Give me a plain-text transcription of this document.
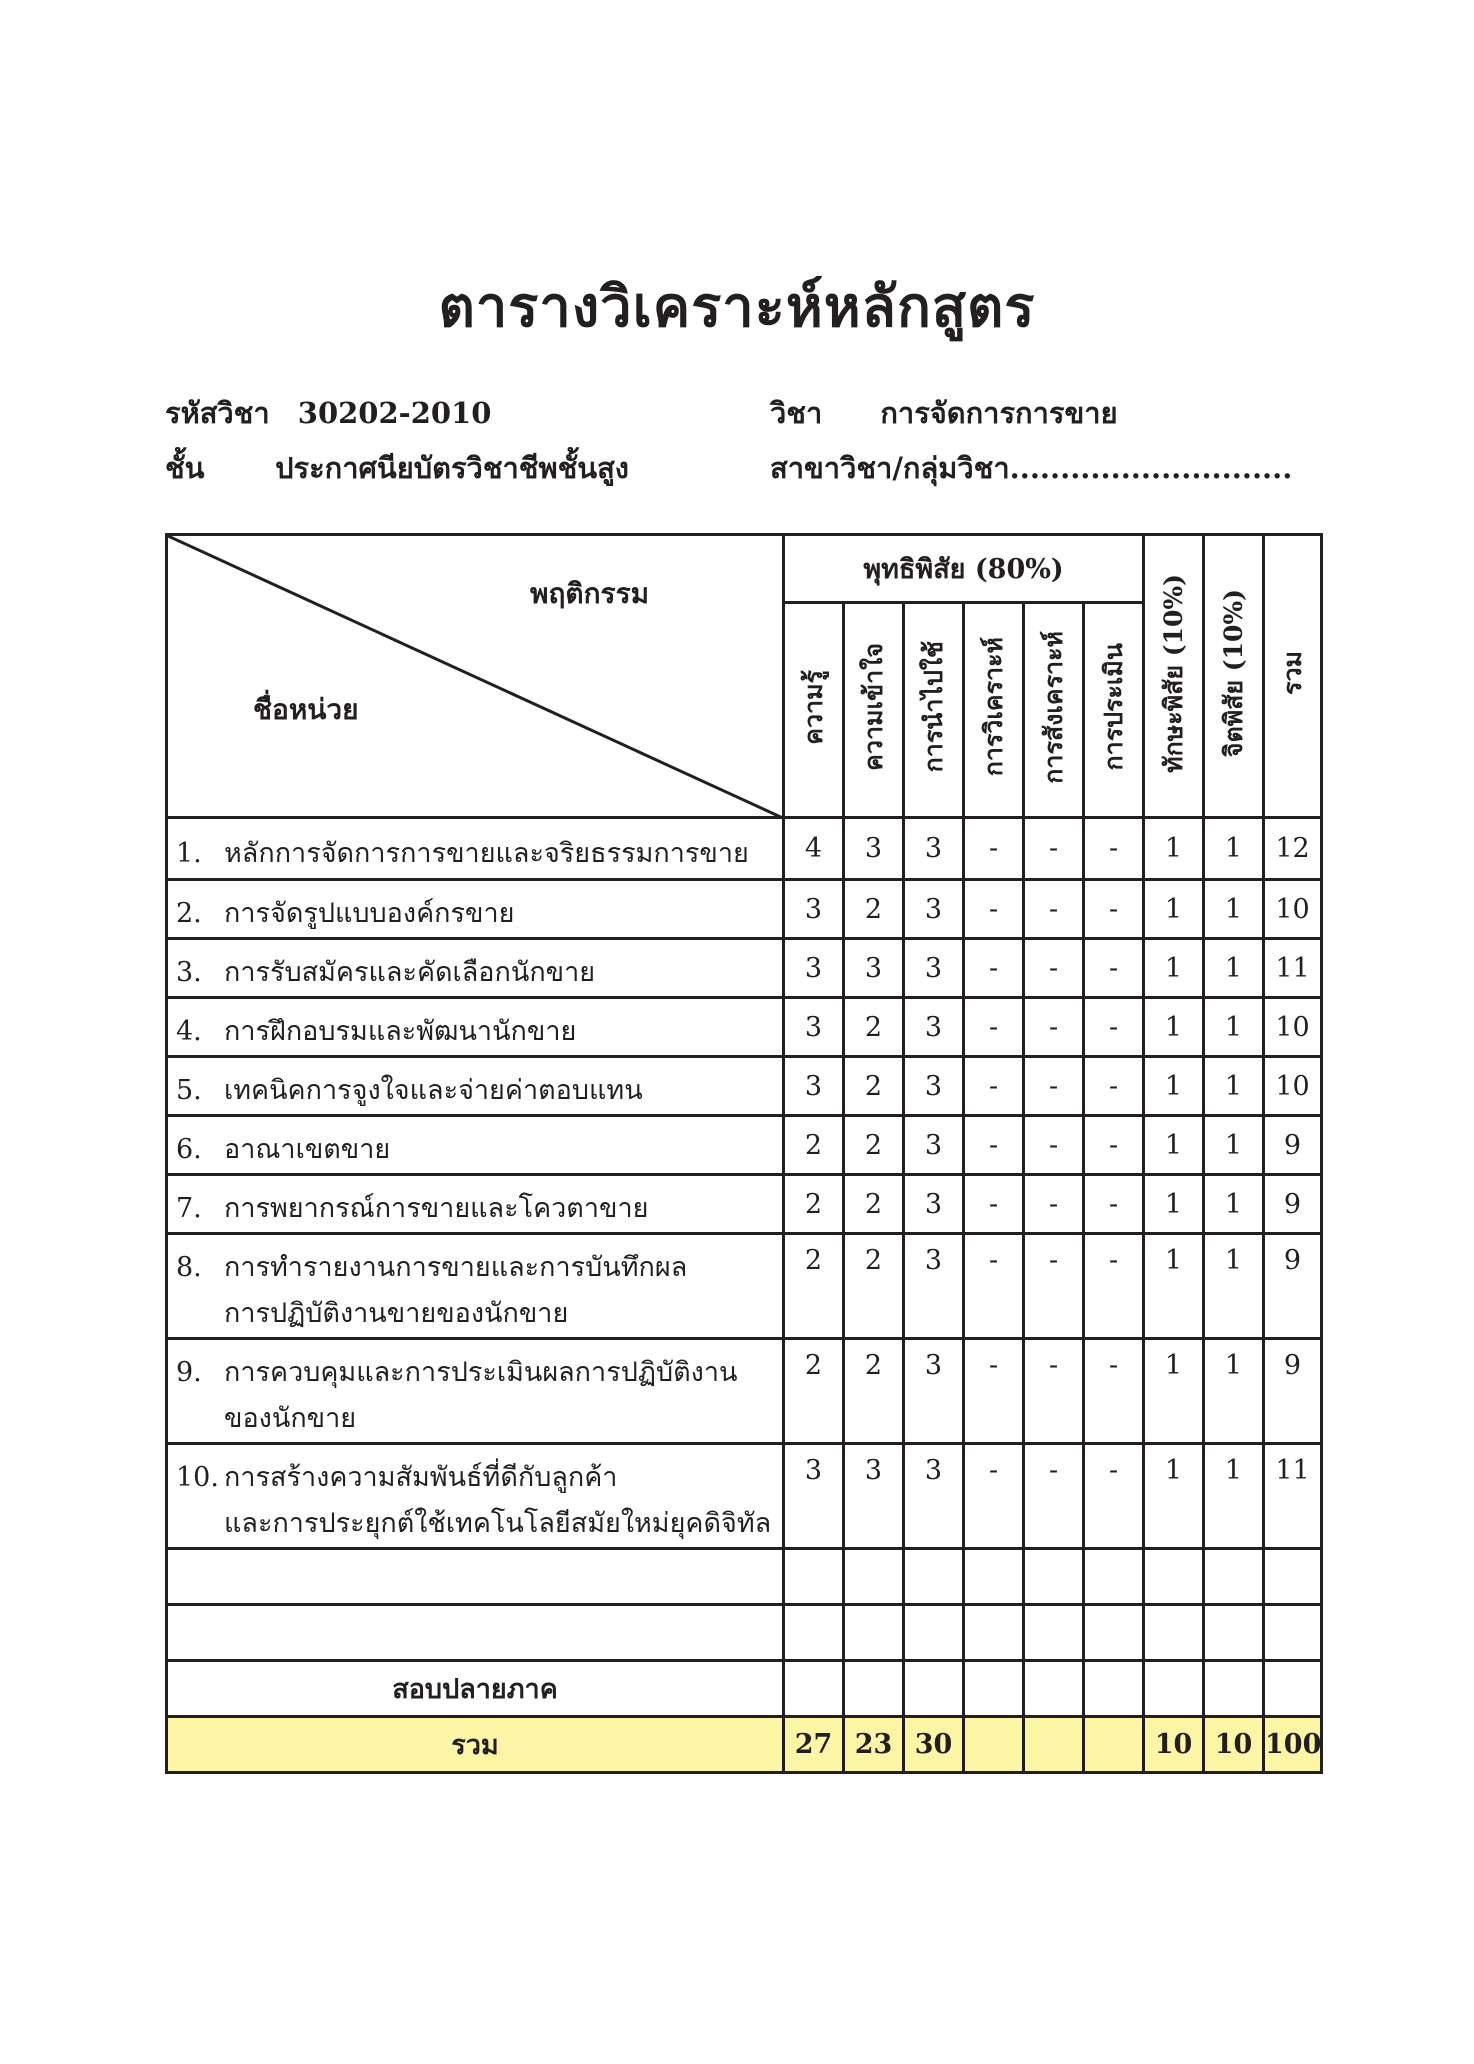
ตารางวิเคราะห์หลักสูตร
รหัสวิชา 30202-2010	วิชา การจัดการการขาย
ชั้น ประกาศนียบัตรวิชาชีพชั้นสูง	สาขาวิชา/กลุ่มวิชา............................
พฤติกรรม
ชื่อหน่วย	พุทธิพิสัย (80%)						ทักษะพิสัย (10%)	จิตพิสัย (10%)	รวม

	ความรู้	ความเข้าใจ	การนำไปใช้	การวิเคราะห์	การสังเคราะห์	การประเมิน			

1. หลักการจัดการการขายและจริยธรรมการขาย	4	3	3	-	-	-	1	1	12

2. การจัดรูปแบบองค์กรขาย	3	2	3	-	-	-	1	1	10

3. การรับสมัครและคัดเลือกนักขาย	3	3	3	-	-	-	1	1	11

4. การฝึกอบรมและพัฒนานักขาย	3	2	3	-	-	-	1	1	10

5. เทคนิคการจูงใจและจ่ายค่าตอบแทน	3	2	3	-	-	-	1	1	10

6. อาณาเขตขาย	2	2	3	-	-	-	1	1	9

7. การพยากรณ์การขายและโควตาขาย	2	2	3	-	-	-	1	1	9

8. การทำรายงานการขายและการบันทึกผล
การปฏิบัติงานขายของนักขาย	2	2	3	-	-	-	1	1	9

9. การควบคุมและการประเมินผลการปฏิบัติงาน
ของนักขาย	2	2	3	-	-	-	1	1	9

10. การสร้างความสัมพันธ์ที่ดีกับลูกค้า
และการประยุกต์ใช้เทคโนโลยีสมัยใหม่ยุคดิจิทัล	3	3	3	-	-	-	1	1	11

สอบปลายภาค									
รวม	27	23	30				10	10	100
